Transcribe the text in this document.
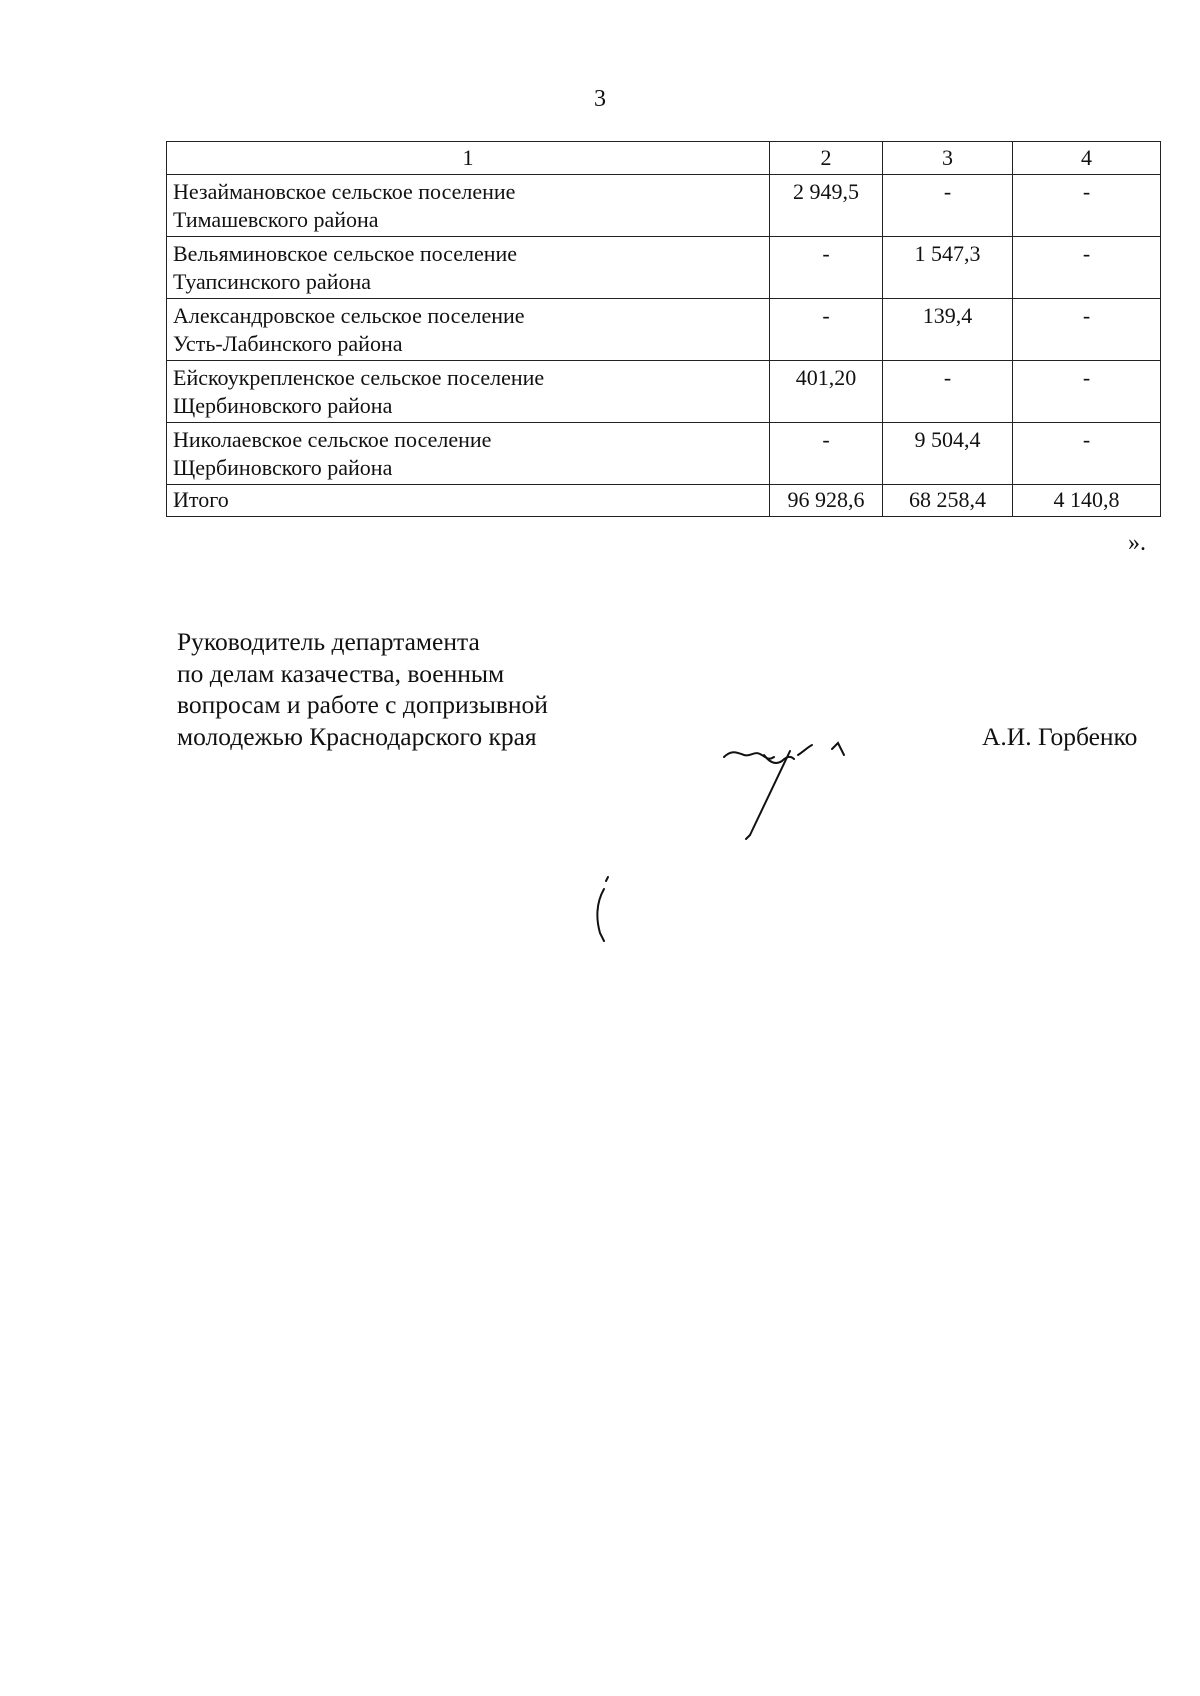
3
1	2	3	4
Незаймановское сельское поселение
Тимашевского района	2 949,5	-	-
Вельяминовское сельское поселение
Туапсинского района	-	1 547,3	-
Александровское сельское поселение
Усть-Лабинского района	-	139,4	-
Ейскоукрепленское сельское поселение
Щербиновского района	401,20	-	-
Николаевское сельское поселение
Щербиновского района	-	9 504,4	-
Итого	96 928,6	68 258,4	4 140,8
».
Руководитель департамента
по делам казачества, военным
вопросам и работе с допризывной
молодежью Краснодарского края	А.И. Горбенко
